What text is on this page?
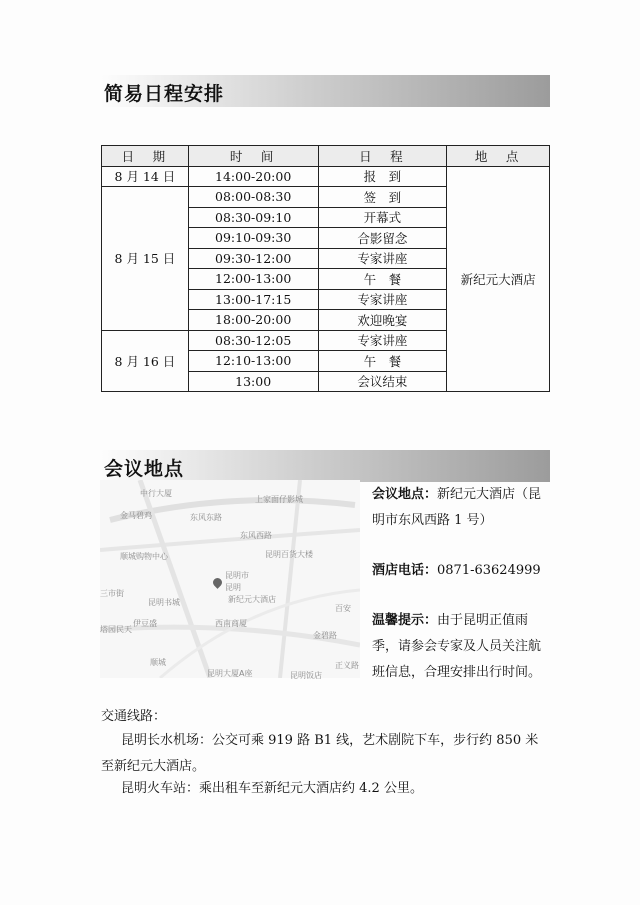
简易日程安排
日　期	时　间	日　程	地　点
8 月 14 日	14:00-20:00	报　到	新纪元大酒店
8 月 15 日	08:00-08:30	签　到	
	08:30-09:10	开幕式	
	09:10-09:30	合影留念	
	09:30-12:00	专家讲座	
	12:00-13:00	午　餐	
	13:00-17:15	专家讲座	
	18:00-20:00	欢迎晚宴	
8 月 16 日	08:30-12:05	专家讲座	
	12:10-13:00	午　餐	
	13:00	会议结束	
会议地点
中行大厦
上家面仔影城
东风东路
东风西路
顺城购物中心	昆明百货大楼
三市街
昆明
新纪元大酒店
昆明书城
百安
伊豆盛	西南商厦
金碧路
塔园民天
顺城
金马碧鸡
昆明大厦A座	昆明饭店
正义路
昆明市
会议地点：新纪元大酒店（昆明市东风西路 1 号）
酒店电话：0871-63624999
温馨提示：由于昆明正值雨季，请参会专家及人员关注航班信息，合理安排出行时间。
交通线路：
昆明长水机场：公交可乘 919 路 B1 线，艺术剧院下车，步行约 850 米至新纪元大酒店。
昆明火车站：乘出租车至新纪元大酒店约 4.2 公里。
